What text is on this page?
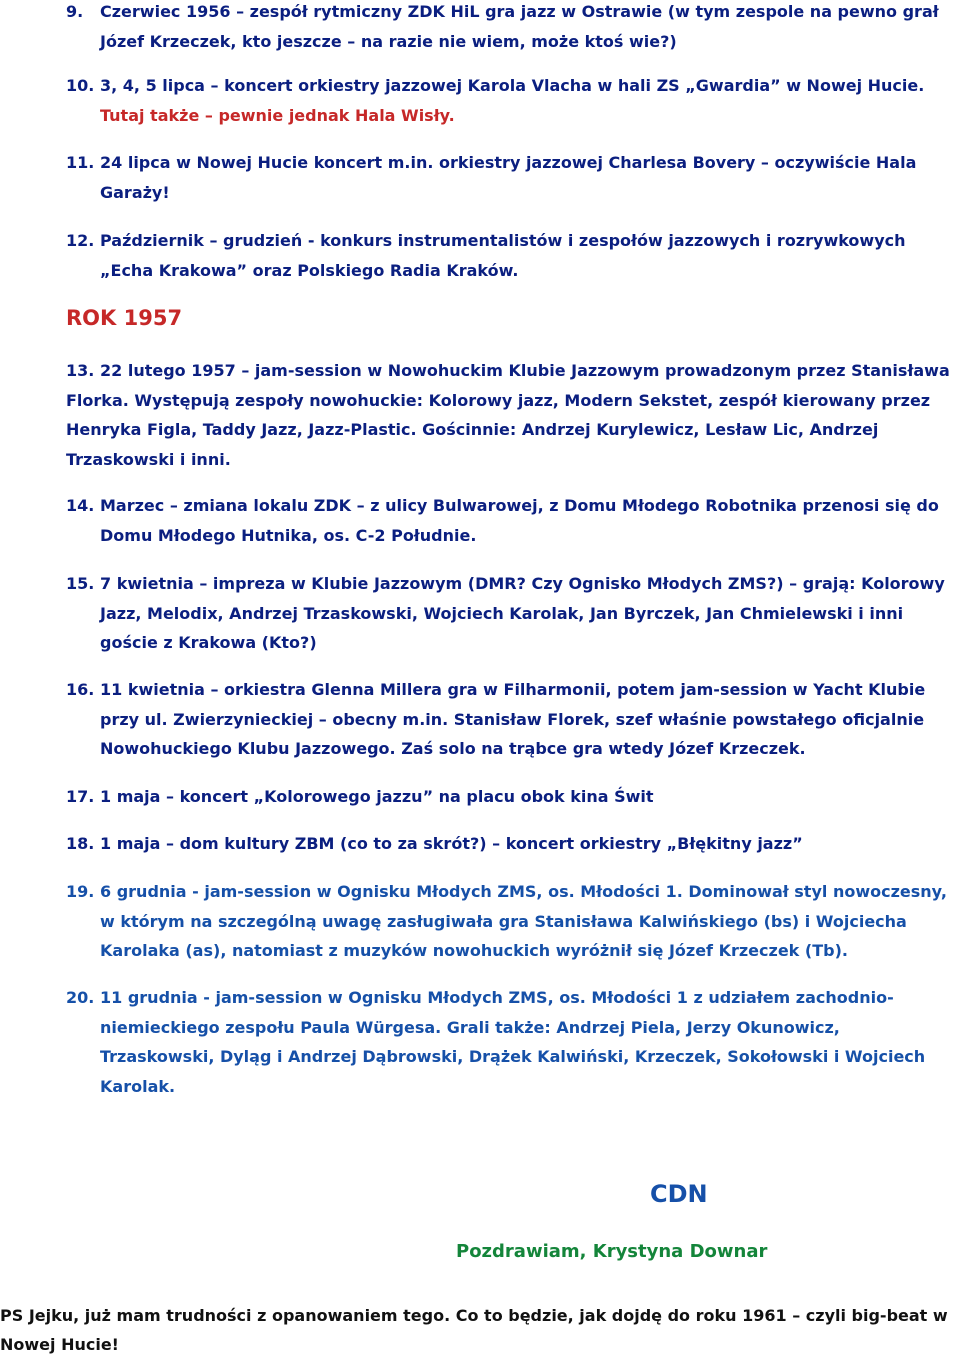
9.	Czerwiec 1956 – zespół rytmiczny ZDK HiL gra jazz w Ostrawie (w tym zespole na pewno grał Józef Krzeczek, kto jeszcze – na razie nie wiem, może ktoś wie?)
10. 3, 4, 5 lipca – koncert orkiestry jazzowej Karola Vlacha w hali ZS „Gwardia” w Nowej Hucie.
Tutaj także – pewnie jednak Hala Wisły.
11. 24 lipca w Nowej Hucie koncert m.in. orkiestry jazzowej Charlesa Bovery – oczywiście Hala Garaży!
12. Październik – grudzień - konkurs instrumentalistów i zespołów jazzowych i rozrywkowych „Echa Krakowa” oraz Polskiego Radia Kraków.
ROK 1957
13. 22 lutego 1957 – jam-session w Nowohuckim Klubie Jazzowym prowadzonym przez Stanisława Florka. Występują zespoły nowohuckie: Kolorowy jazz, Modern Sekstet, zespół kierowany przez Henryka Figla, Taddy Jazz, Jazz-Plastic. Gościnnie: Andrzej Kurylewicz, Lesław Lic, Andrzej Trzaskowski i inni.
14. Marzec – zmiana lokalu ZDK – z ulicy Bulwarowej, z Domu Młodego Robotnika przenosi się do Domu Młodego Hutnika, os. C-2 Południe.
15. 7 kwietnia – impreza w Klubie Jazzowym (DMR? Czy Ognisko Młodych ZMS?) – grają: Kolorowy Jazz, Melodix, Andrzej Trzaskowski, Wojciech Karolak, Jan Byrczek, Jan Chmielewski i inni goście z Krakowa (Kto?)
16. 11 kwietnia – orkiestra Glenna Millera gra w Filharmonii, potem jam-session w Yacht Klubie przy ul. Zwierzynieckiej – obecny m.in. Stanisław Florek, szef właśnie powstałego oficjalnie Nowohuckiego Klubu Jazzowego. Zaś solo na trąbce gra wtedy Józef Krzeczek.
17. 1 maja – koncert „Kolorowego jazzu” na placu obok kina Świt
18. 1 maja – dom kultury ZBM (co to za skrót?) – koncert orkiestry „Błękitny jazz”
19. 6 grudnia - jam-session w Ognisku Młodych ZMS, os. Młodości 1. Dominował styl nowoczesny, w którym na szczególną uwagę zasługiwała gra Stanisława Kalwińskiego (bs) i Wojciecha Karolaka (as), natomiast z muzyków nowohuckich wyróżnił się Józef Krzeczek (Tb).
20. 11 grudnia - jam-session w Ognisku Młodych ZMS, os. Młodości 1 z udziałem zachodnio-niemieckiego zespołu Paula Würgesa. Grali także: Andrzej Piela, Jerzy Okunowicz, Trzaskowski, Dyląg i Andrzej Dąbrowski, Drążek Kalwiński, Krzeczek, Sokołowski i Wojciech Karolak.
CDN
Pozdrawiam, Krystyna Downar
PS Jejku, już mam trudności z opanowaniem tego. Co to będzie, jak dojdę do roku 1961 – czyli big-beat w Nowej Hucie!
